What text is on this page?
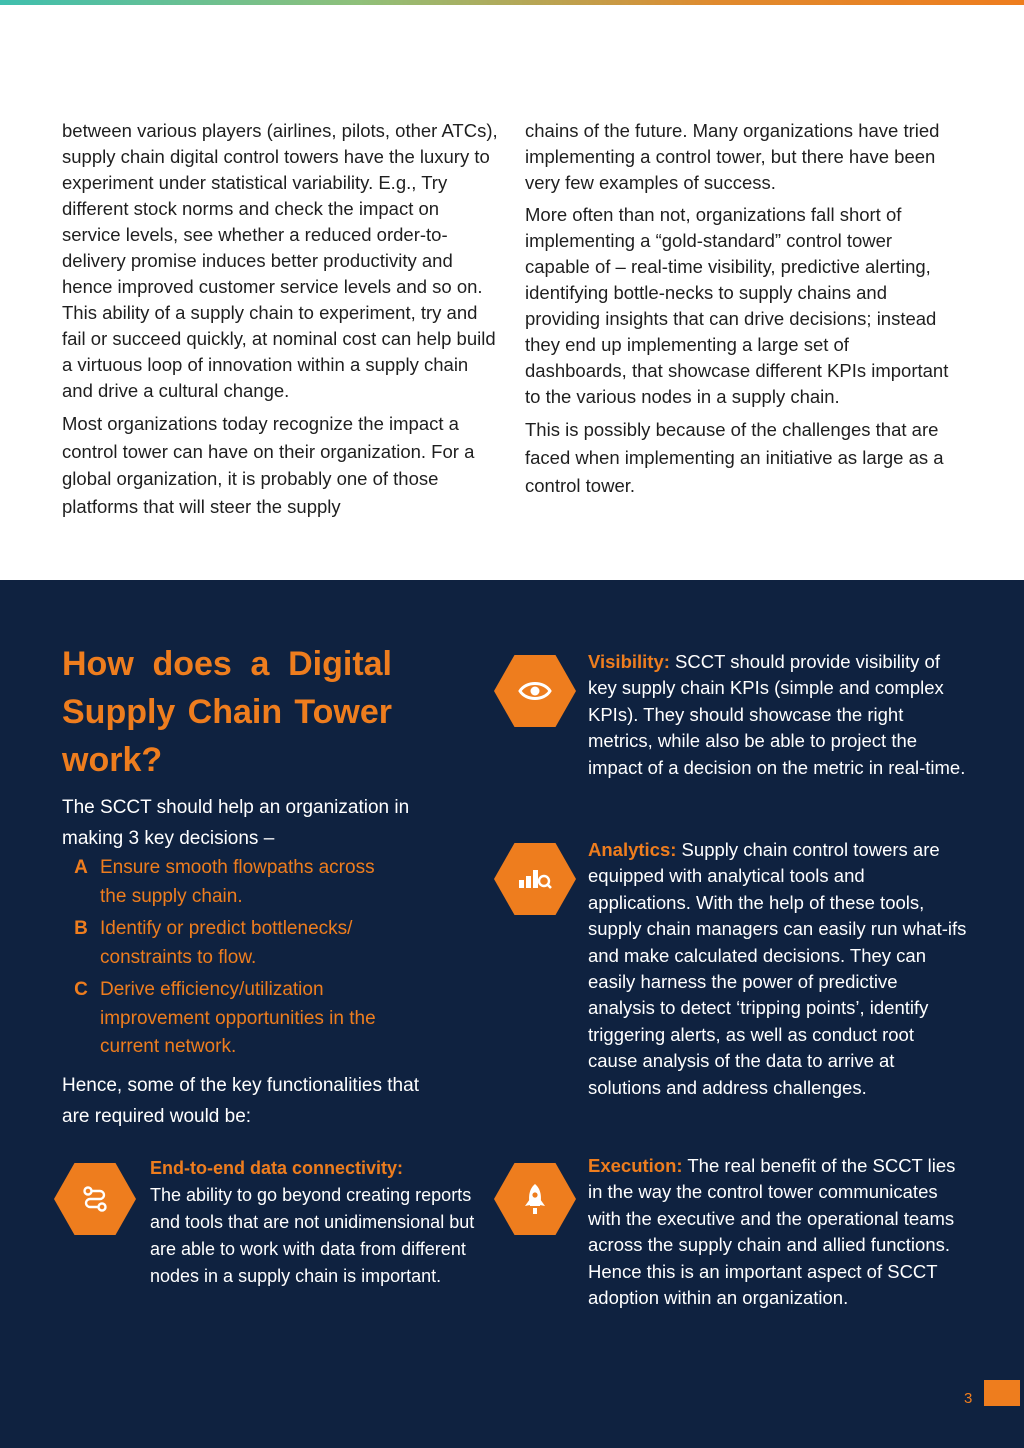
between various players (airlines, pilots, other ATCs), supply chain digital control towers have the luxury to experiment under statistical variability. E.g., Try different stock norms and check the impact on service levels, see whether a reduced order-to-delivery promise induces better productivity and hence improved customer service levels and so on. This ability of a supply chain to experiment, try and fail or succeed quickly, at nominal cost can help build a virtuous loop of innovation within a supply chain and drive a cultural change.

Most organizations today recognize the impact a control tower can have on their organization. For a global organization, it is probably one of those platforms that will steer the supply

chains of the future. Many organizations have tried implementing a control tower, but there have been very few examples of success.

More often than not, organizations fall short of implementing a “gold-standard” control tower capable of – real-time visibility, predictive alerting, identifying bottle-necks to supply chains and providing insights that can drive decisions; instead they end up implementing a large set of dashboards, that showcase different KPIs important to the various nodes in a supply chain.

This is possibly because of the challenges that are faced when implementing an initiative as large as a control tower.

How does a Digital Supply Chain Tower work?
The SCCT should help an organization in making 3 key decisions –
A Ensure smooth flowpaths across the supply chain.
B Identify or predict bottlenecks/ constraints to flow.
C Derive efficiency/utilization improvement opportunities in the current network.
Hence, some of the key functionalities that are required would be:
End-to-end data connectivity:
The ability to go beyond creating reports and tools that are not unidimensional but are able to work with data from different nodes in a supply chain is important.
Visibility: SCCT should provide visibility of key supply chain KPIs (simple and complex KPIs). They should showcase the right metrics, while also be able to project the impact of a decision on the metric in real-time.
Analytics: Supply chain control towers are equipped with analytical tools and applications. With the help of these tools, supply chain managers can easily run what-ifs and make calculated decisions. They can easily harness the power of predictive analysis to detect ‘tripping points’, identify triggering alerts, as well as conduct root cause analysis of the data to arrive at solutions and address challenges.
Execution: The real benefit of the SCCT lies in the way the control tower communicates with the executive and the operational teams across the supply chain and allied functions. Hence this is an important aspect of SCCT adoption within an organization.
3
